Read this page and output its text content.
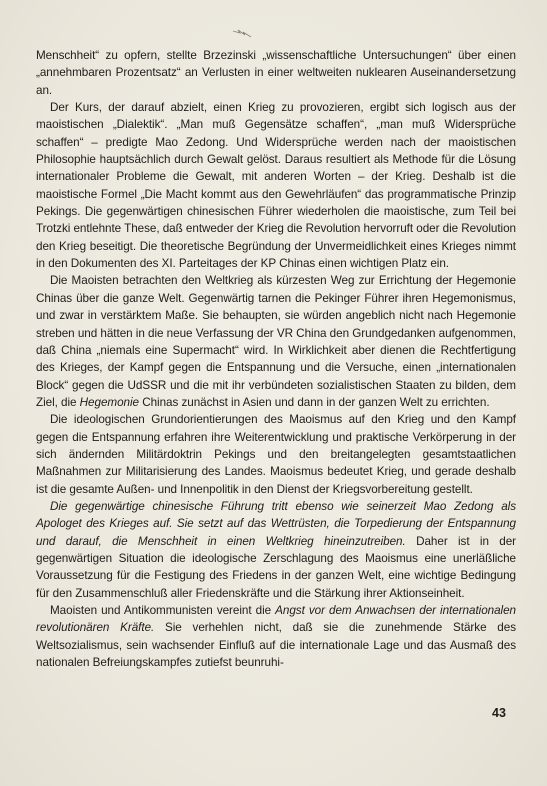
Menschheit“ zu opfern, stellte Brzezinski „wissenschaftliche Untersuchungen“ über einen „annehmbaren Prozentsatz“ an Verlusten in einer weltweiten nuklearen Auseinandersetzung an.

Der Kurs, der darauf abzielt, einen Krieg zu provozieren, ergibt sich logisch aus der maoistischen „Dialektik“. „Man muß Gegensätze schaffen“, „man muß Widersprüche schaffen“ – predigte Mao Zedong. Und Widersprüche werden nach der maoistischen Philosophie hauptsächlich durch Gewalt gelöst. Daraus resultiert als Methode für die Lösung internationaler Probleme die Gewalt, mit anderen Worten – der Krieg. Deshalb ist die maoistische Formel „Die Macht kommt aus den Gewehrläufen“ das programmatische Prinzip Pekings. Die gegenwärtigen chinesischen Führer wiederholen die maoistische, zum Teil bei Trotzki entlehnte These, daß entweder der Krieg die Revolution hervorruft oder die Revolution den Krieg beseitigt. Die theoretische Begründung der Unvermeidlichkeit eines Krieges nimmt in den Dokumenten des XI. Parteitages der KP Chinas einen wichtigen Platz ein.

Die Maoisten betrachten den Weltkrieg als kürzesten Weg zur Errichtung der Hegemonie Chinas über die ganze Welt. Gegenwärtig tarnen die Pekinger Führer ihren Hegemonismus, und zwar in verstärktem Maße. Sie behaupten, sie würden angeblich nicht nach Hegemonie streben und hätten in die neue Verfassung der VR China den Grundgedanken aufgenommen, daß China „niemals eine Supermacht“ wird. In Wirklichkeit aber dienen die Rechtfertigung des Krieges, der Kampf gegen die Entspannung und die Versuche, einen „internationalen Block“ gegen die UdSSR und die mit ihr verbündeten sozialistischen Staaten zu bilden, dem Ziel, die Hegemonie Chinas zunächst in Asien und dann in der ganzen Welt zu errichten.

Die ideologischen Grundorientierungen des Maoismus auf den Krieg und den Kampf gegen die Entspannung erfahren ihre Weiterentwicklung und praktische Verkörperung in der sich ändernden Militärdoktrin Pekings und den breitangelegten gesamtstaatlichen Maßnahmen zur Militarisierung des Landes. Maoismus bedeutet Krieg, und gerade deshalb ist die gesamte Außen- und Innenpolitik in den Dienst der Kriegsvorbereitung gestellt.

Die gegenwärtige chinesische Führung tritt ebenso wie seinerzeit Mao Zedong als Apologet des Krieges auf. Sie setzt auf das Wettrüsten, die Torpedierung der Entspannung und darauf, die Menschheit in einen Weltkrieg hineinzutreiben. Daher ist in der gegenwärtigen Situation die ideologische Zerschlagung des Maoismus eine unerläßliche Voraussetzung für die Festigung des Friedens in der ganzen Welt, eine wichtige Bedingung für den Zusammenschluß aller Friedenskräfte und die Stärkung ihrer Aktionseinheit.

Maoisten und Antikommunisten vereint die Angst vor dem Anwachsen der internationalen revolutionären Kräfte. Sie verhehlen nicht, daß sie die zunehmende Stärke des Weltsozialismus, sein wachsender Einfluß auf die internationale Lage und das Ausmaß des nationalen Befreiungskampfes zutiefst beunruhi-

43
